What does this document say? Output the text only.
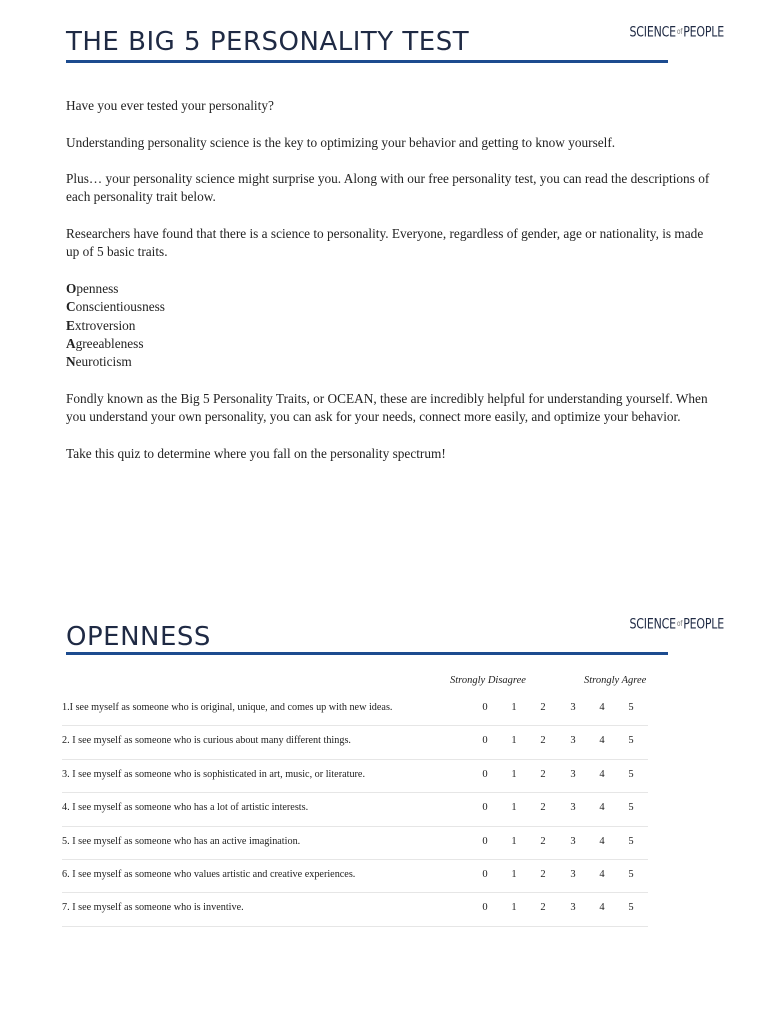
THE BIG 5 PERSONALITY TEST	SCIENCEofPEOPLE

Have you ever tested your personality?

Understanding personality science is the key to optimizing your behavior and getting to know yourself.

Plus… your personality science might surprise you. Along with our free personality test, you can read the descriptions of each personality trait below.

Researchers have found that there is a science to personality. Everyone, regardless of gender, age or nationality, is made up of 5 basic traits.

Openness
Conscientiousness
Extroversion
Agreeableness
Neuroticism

Fondly known as the Big 5 Personality Traits, or OCEAN, these are incredibly helpful for understanding yourself. When you understand your own personality, you can ask for your needs, connect more easily, and optimize your behavior.

Take this quiz to determine where you fall on the personality spectrum!

OPENNESS	SCIENCEofPEOPLE
Strongly Disagree	Strongly Agree
1.I see myself as someone who is original, unique, and comes up with new ideas.	0	1	2	3	4	5
2. I see myself as someone who is curious about many different things.	0	1	2	3	4	5
3. I see myself as someone who is sophisticated in art, music, or literature.	0	1	2	3	4	5
4. I see myself as someone who has a lot of artistic interests.	0	1	2	3	4	5
5. I see myself as someone who has an active imagination.	0	1	2	3	4	5
6. I see myself as someone who values artistic and creative experiences.	0	1	2	3	4	5
7. I see myself as someone who is inventive.	0	1	2	3	4	5
